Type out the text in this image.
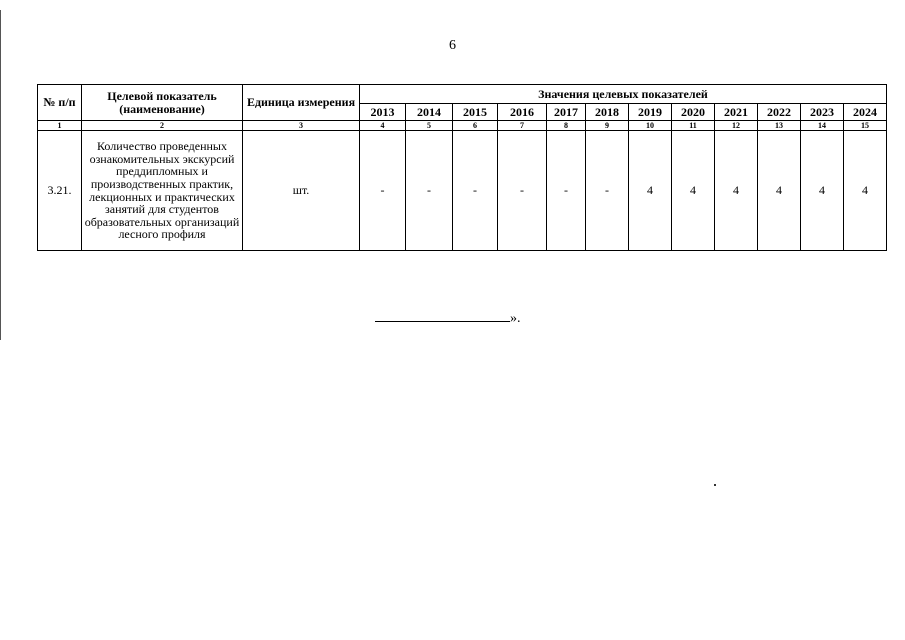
6
№ п/п	Целевой показатель (наименование)	Единица измерения	Значения целевых показателей											
			2013	2014	2015	2016	2017	2018	2019	2020	2021	2022	2023	2024
1	2	3	4	5	6	7	8	9	10	11	12	13	14	15
3.21.	Количество проведенных ознакомительных экскурсий преддипломных и производственных практик, лекционных и практических занятий для студентов образовательных организаций лесного профиля	шт.	-	-	-	-	-	-	4	4	4	4	4	4
».
